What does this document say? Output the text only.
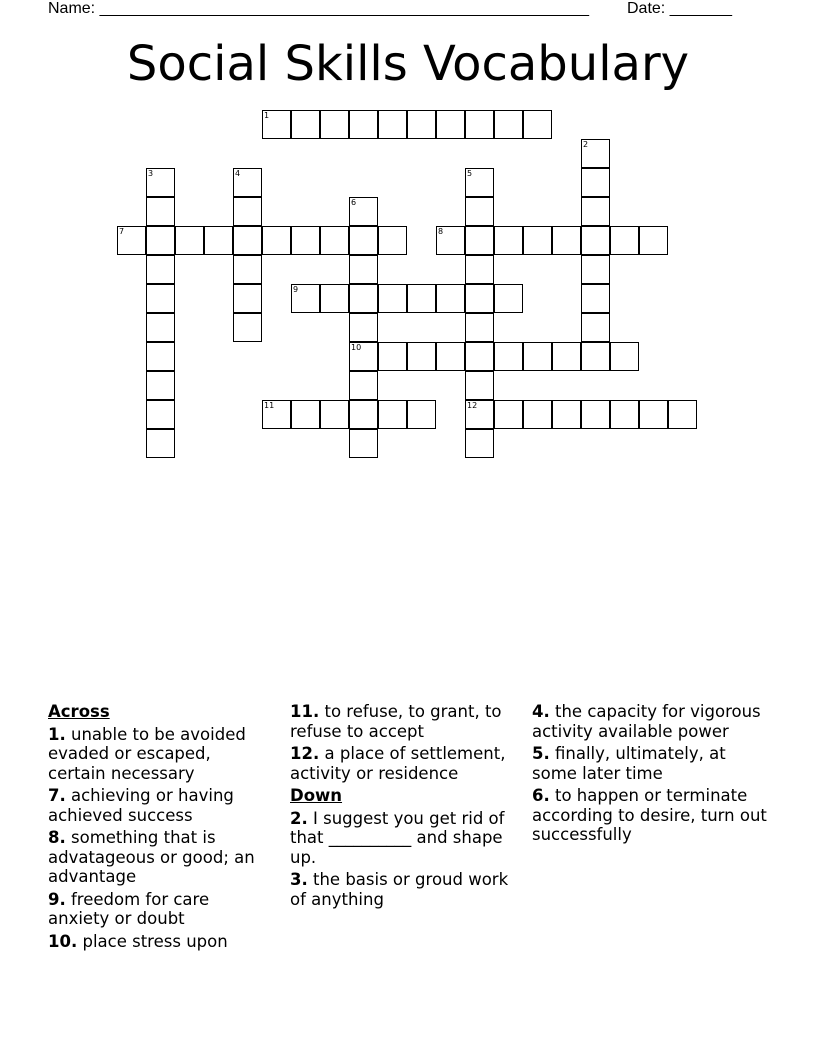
Name: _______________________________________________________ Date: _______
Social Skills Vocabulary
1
2
3	4	5
12
6
10
7	8
9
11
Across
1. unable to be avoided evaded or escaped, certain necessary
7. achieving or having achieved success
8. something that is advatageous or good; an advantage
9. freedom for care anxiety or doubt
10. place stress upon
11. to refuse, to grant, to refuse to accept
12. a place of settlement, activity or residence
Down
2. I suggest you get rid of that __________ and shape up.
3. the basis or groud work of anything
4. the capacity for vigorous activity available power
5. finally, ultimately, at some later time
6. to happen or terminate according to desire, turn out successfully
